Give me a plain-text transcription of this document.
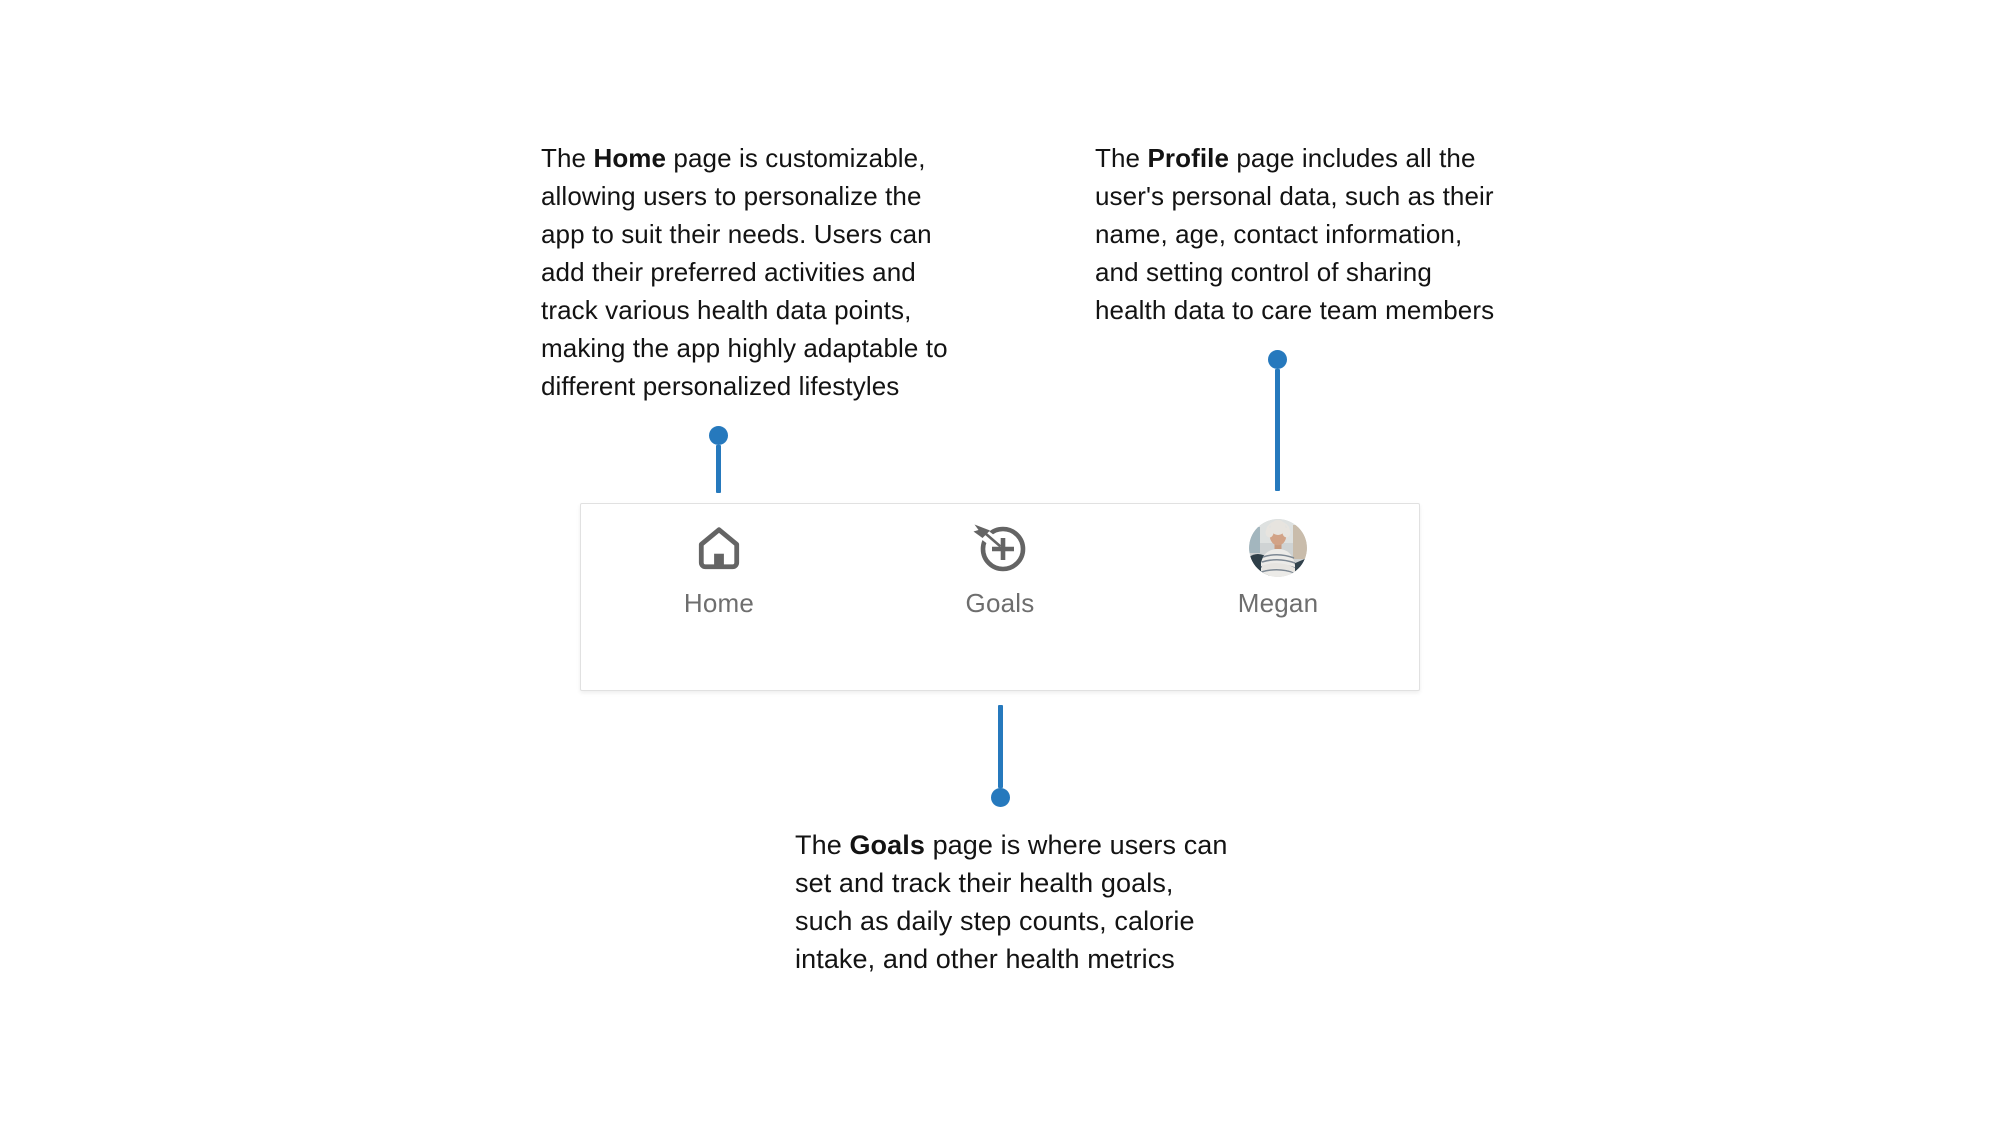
The Home page is customizable,
allowing users to personalize the
app to suit their needs. Users can
add their preferred activities and
track various health data points,
making the app highly adaptable to
different personalized lifestyles
The Profile page includes all the
user's personal data, such as their
name, age, contact information,
and setting control of sharing
health data to care team members
The Goals page is where users can
set and track their health goals,
such as daily step counts, calorie
intake, and other health metrics
Home	Goals	Megan
